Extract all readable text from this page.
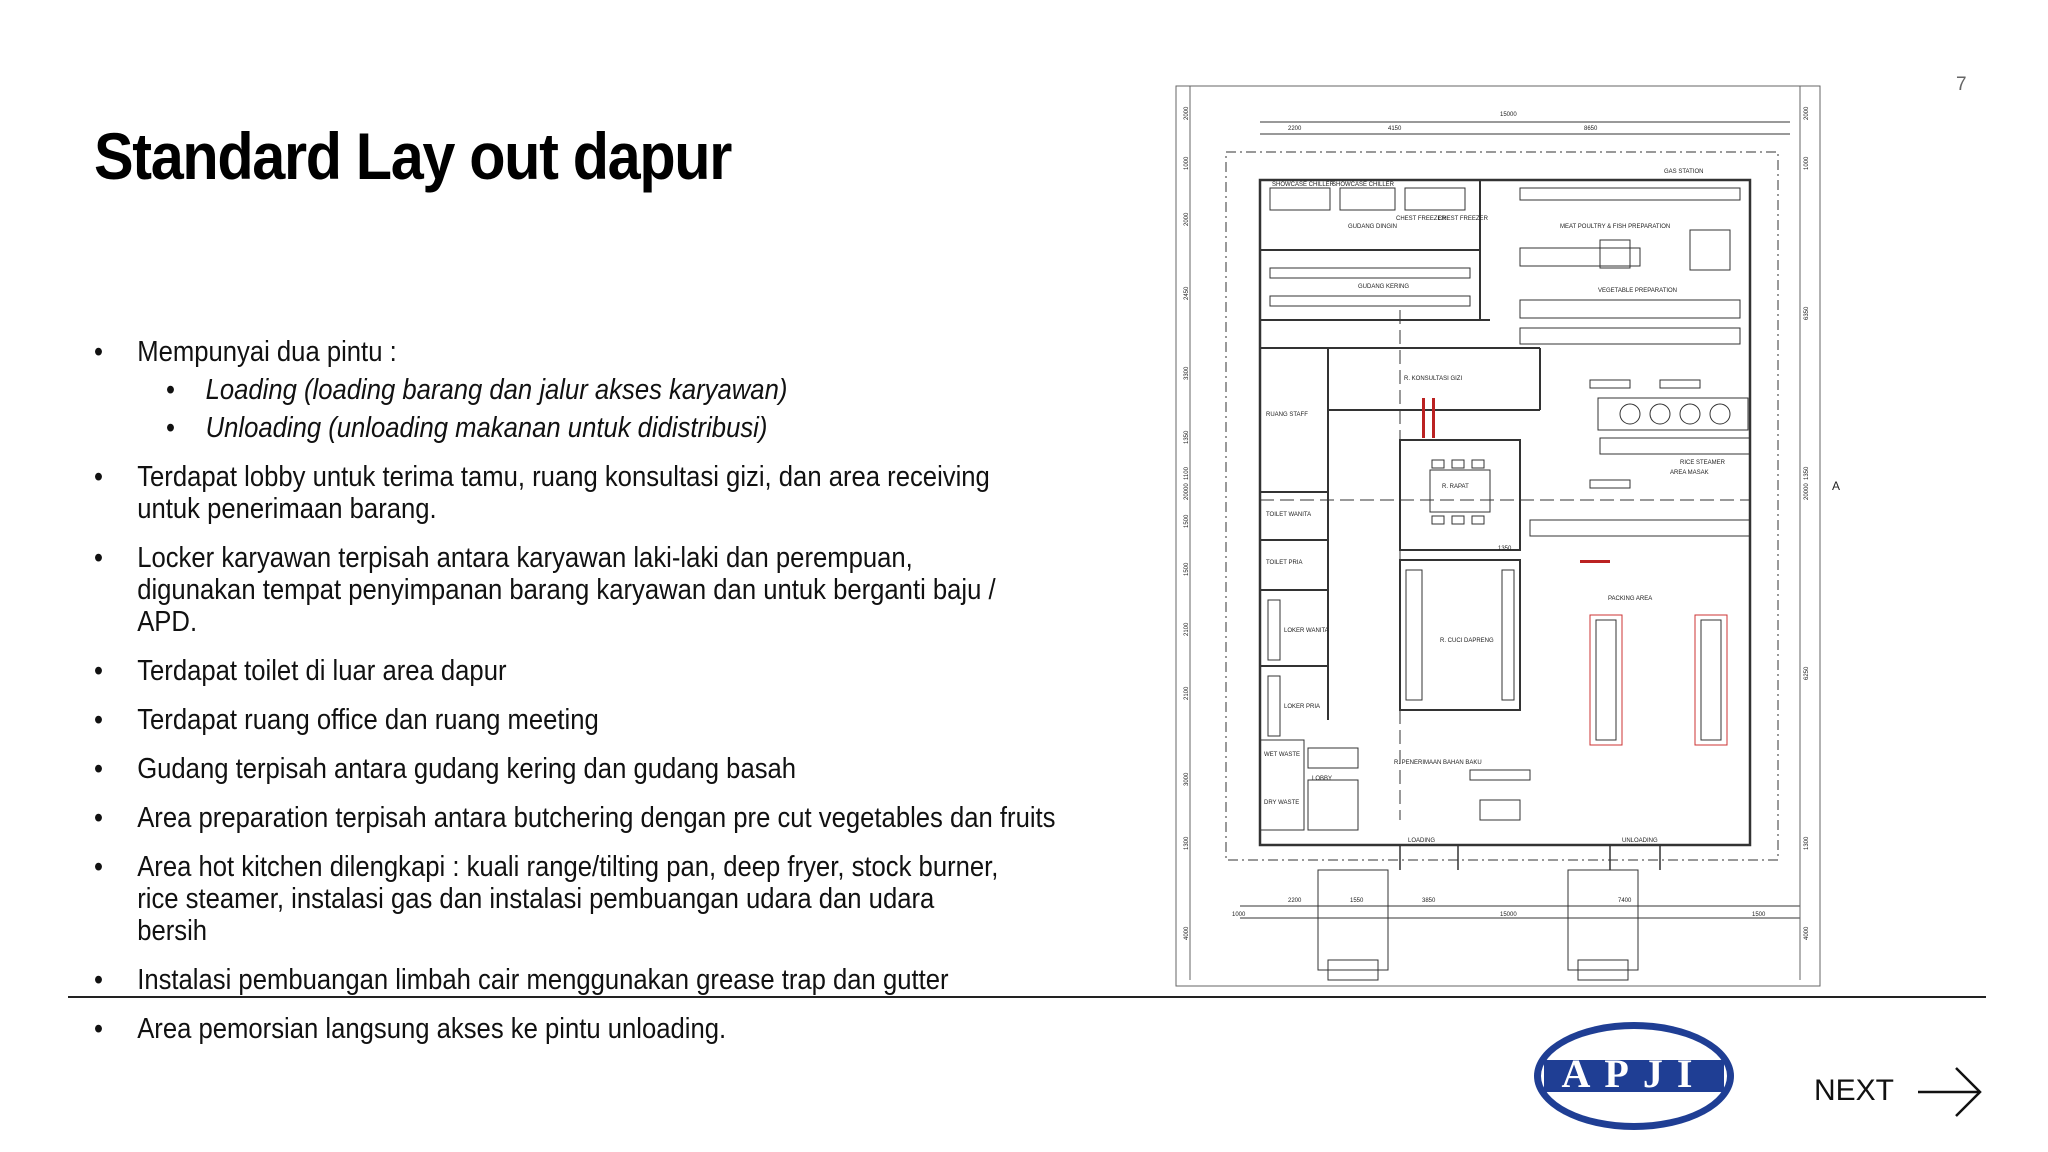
7
Standard Lay out dapur
• Mempunyai dua pintu :
• Loading (loading barang dan jalur akses karyawan)
• Unloading (unloading makanan untuk didistribusi)
• Terdapat lobby untuk terima tamu, ruang konsultasi gizi, dan area receiving untuk penerimaan barang.
• Locker karyawan terpisah antara karyawan laki-laki dan perempuan, digunakan tempat penyimpanan barang karyawan dan untuk berganti baju / APD.
• Terdapat toilet di luar area dapur
• Terdapat ruang office dan ruang meeting
• Gudang terpisah antara gudang kering dan gudang basah
• Area preparation terpisah antara butchering dengan pre cut vegetables dan fruits
• Area hot kitchen dilengkapi : kuali range/tilting pan, deep fryer, stock burner, rice steamer, instalasi gas dan instalasi pembuangan udara dan udara bersih
• Instalasi pembuangan limbah cair menggunakan grease trap dan gutter
• Area pemorsian langsung akses ke pintu unloading.
15000
2200	4150	8650
2200	1550	3850	7400
15000
1000	1500
1350
20000
2000
1000
2000
2450
3300
1350
1100
1500
1500
2100
2100
3000
1300
4000
20000
2000
1000
6350
1350
6250
1300
4000
GAS STATION
GUDANG DINGIN
GUDANG KERING
SHOWCASE CHILLER
SHOWCASE CHILLER
CHEST FREEZER
CHEST FREEZER
MEAT POULTRY & FISH PREPARATION
VEGETABLE PREPARATION
R. KONSULTASI GIZI
RUANG STAFF
R. RAPAT
TOILET WANITA
TOILET PRIA
LOKER WANITA
LOKER PRIA
R. CUCI DAPRENG
PACKING AREA
AREA MASAK
RICE STEAMER
R. PENERIMAAN BAHAN BAKU
WET WASTE
DRY WASTE
LOBBY
LOADING	UNLOADING
A
APJI	NEXT
